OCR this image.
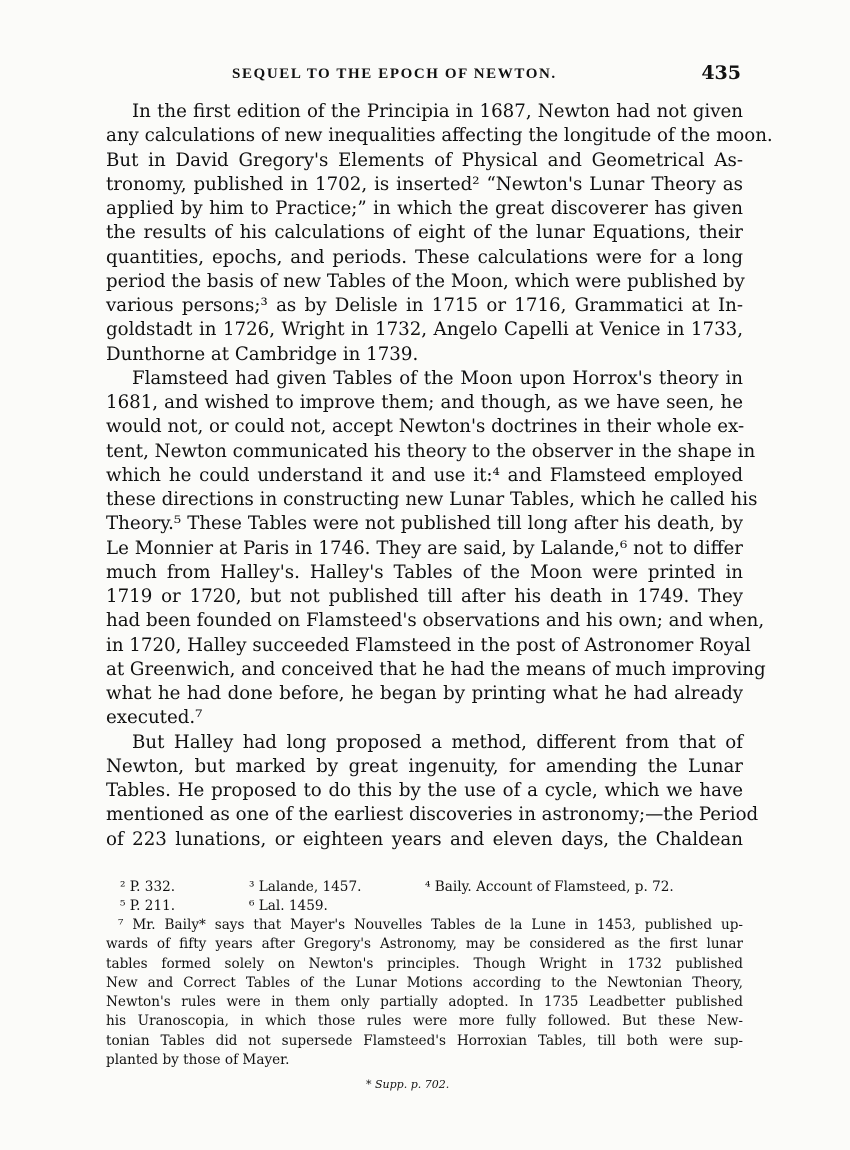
SEQUEL TO THE EPOCH OF NEWTON.	435

In the first edition of the Principia in 1687, Newton had not given
any calculations of new inequalities affecting the longitude of the moon.
But in David Gregory's Elements of Physical and Geometrical As-
tronomy, published in 1702, is inserted² “Newton's Lunar Theory as
applied by him to Practice;” in which the great discoverer has given
the results of his calculations of eight of the lunar Equations, their
quantities, epochs, and periods. These calculations were for a long
period the basis of new Tables of the Moon, which were published by
various persons;³ as by Delisle in 1715 or 1716, Grammatici at In-
goldstadt in 1726, Wright in 1732, Angelo Capelli at Venice in 1733,
Dunthorne at Cambridge in 1739.

Flamsteed had given Tables of the Moon upon Horrox's theory in
1681, and wished to improve them; and though, as we have seen, he
would not, or could not, accept Newton's doctrines in their whole ex-
tent, Newton communicated his theory to the observer in the shape in
which he could understand it and use it:⁴ and Flamsteed employed
these directions in constructing new Lunar Tables, which he called his
Theory.⁵ These Tables were not published till long after his death, by
Le Monnier at Paris in 1746. They are said, by Lalande,⁶ not to differ
much from Halley's. Halley's Tables of the Moon were printed in
1719 or 1720, but not published till after his death in 1749. They
had been founded on Flamsteed's observations and his own; and when,
in 1720, Halley succeeded Flamsteed in the post of Astronomer Royal
at Greenwich, and conceived that he had the means of much improving
what he had done before, he began by printing what he had already
executed.⁷

But Halley had long proposed a method, different from that of
Newton, but marked by great ingenuity, for amending the Lunar
Tables. He proposed to do this by the use of a cycle, which we have
mentioned as one of the earliest discoveries in astronomy;—the Period
of 223 lunations, or eighteen years and eleven days, the Chaldean

² P. 332.	³ Lalande, 1457.	⁴ Baily. Account of Flamsteed, p. 72.
⁵ P. 211.	⁶ Lal. 1459.
⁷ Mr. Baily* says that Mayer's Nouvelles Tables de la Lune in 1453, published up-
wards of fifty years after Gregory's Astronomy, may be considered as the first lunar
tables formed solely on Newton's principles. Though Wright in 1732 published
New and Correct Tables of the Lunar Motions according to the Newtonian Theory,
Newton's rules were in them only partially adopted. In 1735 Leadbetter published
his Uranoscopia, in which those rules were more fully followed. But these New-
tonian Tables did not supersede Flamsteed's Horroxian Tables, till both were sup-
planted by those of Mayer.
* Supp. p. 702.
